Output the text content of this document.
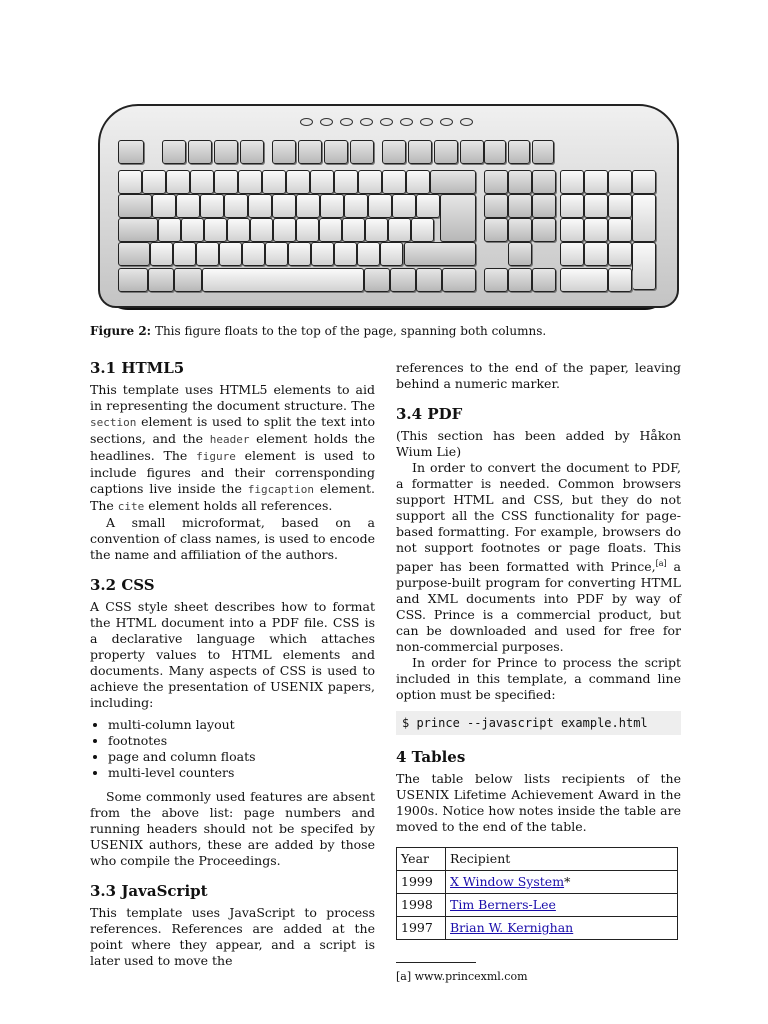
Figure 2: This figure floats to the top of the page, spanning both columns.
3.1 HTML5

This template uses HTML5 elements to aid in representing the document structure. The section element is used to split the text into sections, and the header element holds the headlines. The figure element is used to include figures and their corrensponding captions live inside the figcaption element. The cite element holds all references.

A small microformat, based on a convention of class names, is used to encode the name and affiliation of the authors.

3.2 CSS

A CSS style sheet describes how to format the HTML document into a PDF file. CSS is a declarative language which attaches property values to HTML elements and documents. Many aspects of CSS is used to achieve the presentation of USENIX papers, including:

• multi-column layout
• footnotes
• page and column floats
• multi-level counters

Some commonly used features are absent from the above list: page numbers and running headers should not be specifed by USENIX authors, these are added by those who compile the Proceedings.

3.3 JavaScript

This template uses JavaScript to process references. References are added at the point where they appear, and a script is later used to move the

references to the end of the paper, leaving behind a numeric marker.

3.4 PDF

(This section has been added by Håkon Wium Lie)

In order to convert the document to PDF, a formatter is needed. Common browsers support HTML and CSS, but they do not support all the CSS functionality for page-based formatting. For example, browsers do not support footnotes or page floats. This paper has been formatted with Prince,[a] a purpose-built program for converting HTML and XML documents into PDF by way of CSS. Prince is a commercial product, but can be downloaded and used for free for non-commercial purposes.

In order for Prince to process the script included in this template, a command line option must be specified:

$ prince --javascript example.html
4 Tables

The table below lists recipients of the USENIX Lifetime Achievement Award in the 1900s. Notice how notes inside the table are moved to the end of the table.

Year	Recipient
1999	X Window System*
1998	Tim Berners-Lee
1997	Brian W. Kernighan
[a] www.princexml.com
